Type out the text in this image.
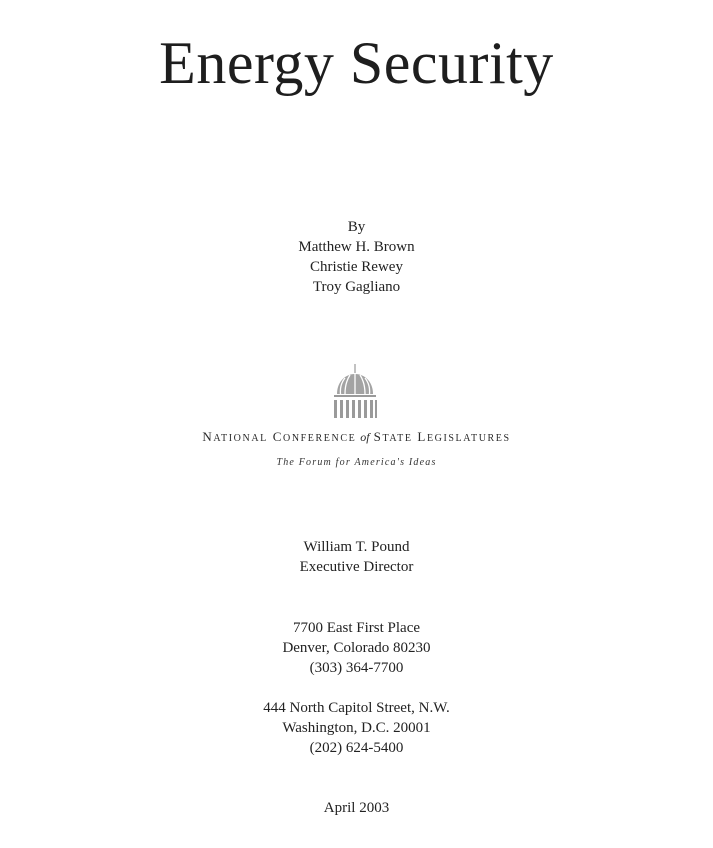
Energy Security
By
Matthew H. Brown
Christie Rewey
Troy Gagliano
NATIONAL CONFERENCE of STATE LEGISLATURES
The Forum for America's Ideas
William T. Pound
Executive Director
7700 East First Place
Denver, Colorado 80230
(303) 364-7700
444 North Capitol Street, N.W.
Washington, D.C. 20001
(202) 624-5400
April 2003
